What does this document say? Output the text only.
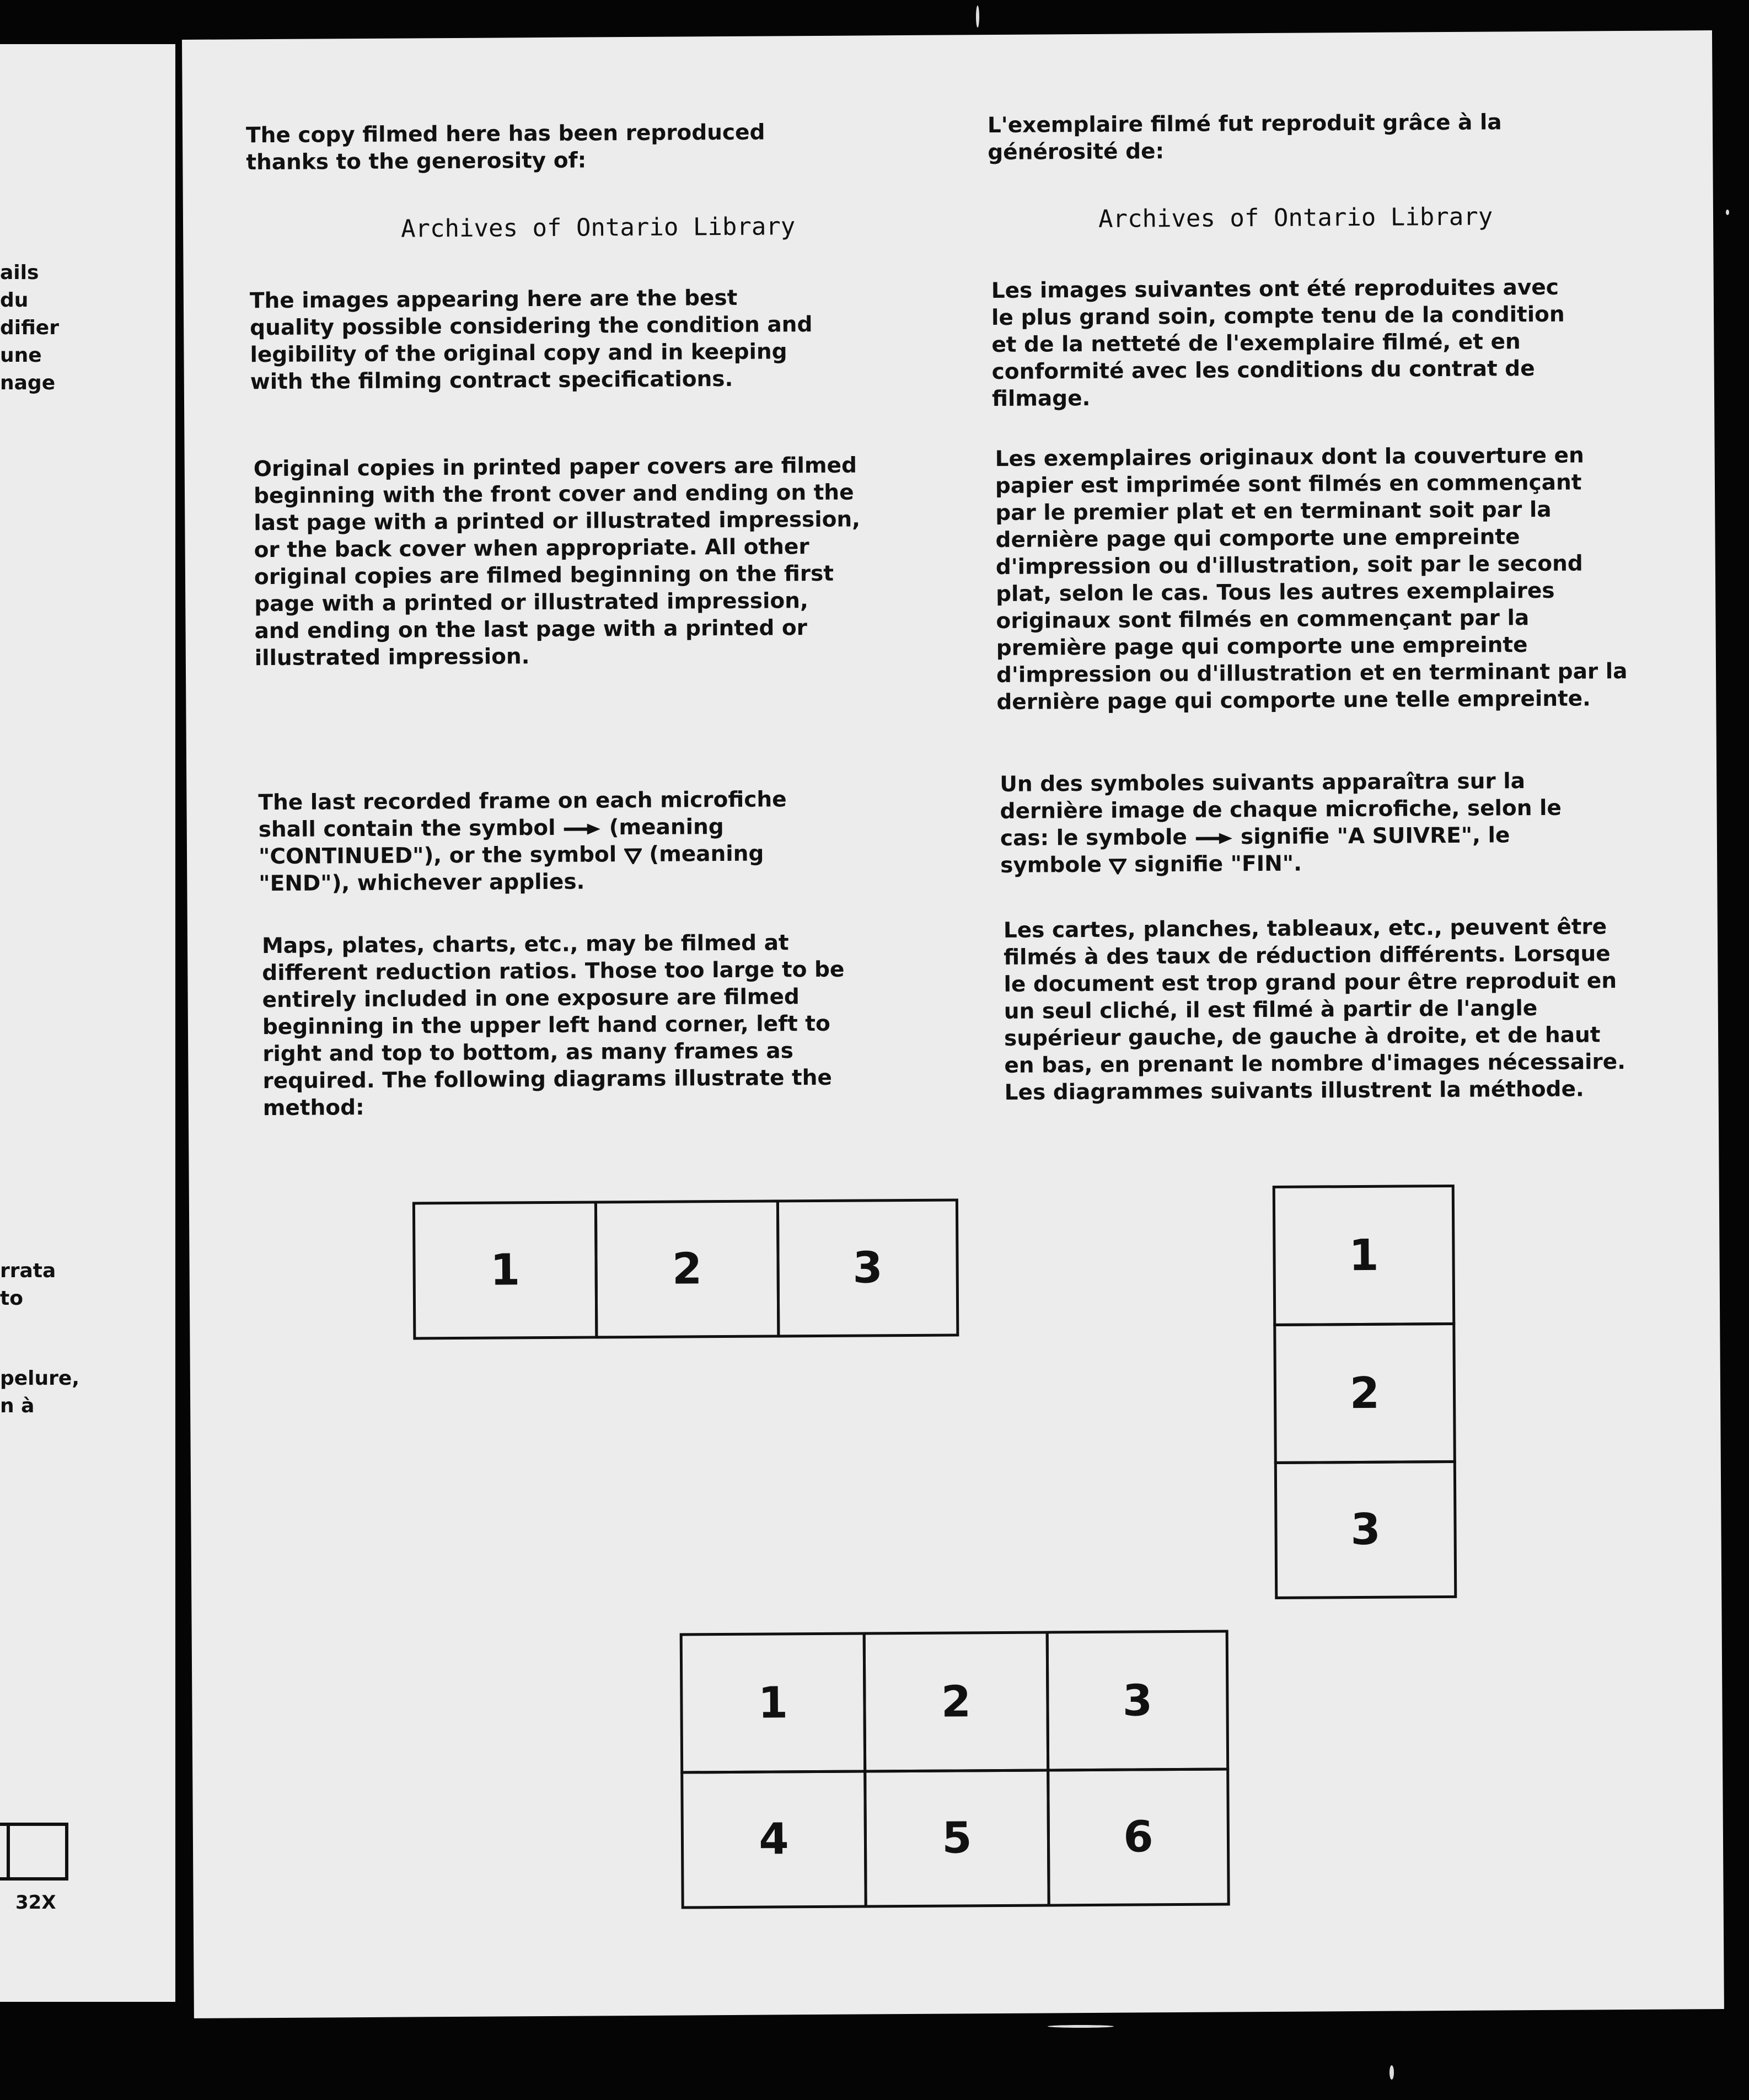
ails
du
difier
une
nage
rrata
to
pelure,
n à
32X
The copy filmed here has been reproduced thanks to the generosity of:
Archives of Ontario Library
The images appearing here are the best quality possible considering the condition and legibility of the original copy and in keeping with the filming contract specifications.
Original copies in printed paper covers are filmed beginning with the front cover and ending on the last page with a printed or illustrated impression, or the back cover when appropriate. All other original copies are filmed beginning on the first page with a printed or illustrated impression, and ending on the last page with a printed or illustrated impression.
The last recorded frame on each microfiche shall contain the symbol (meaning "CONTINUED"), or the symbol (meaning "END"), whichever applies.
Maps, plates, charts, etc., may be filmed at different reduction ratios. Those too large to be entirely included in one exposure are filmed beginning in the upper left hand corner, left to right and top to bottom, as many frames as required. The following diagrams illustrate the method:
L'exemplaire filmé fut reproduit grâce à la générosité de:
Archives of Ontario Library
Les images suivantes ont été reproduites avec le plus grand soin, compte tenu de la condition et de la netteté de l'exemplaire filmé, et en conformité avec les conditions du contrat de filmage.
Les exemplaires originaux dont la couverture en papier est imprimée sont filmés en commençant par le premier plat et en terminant soit par la dernière page qui comporte une empreinte d'impression ou d'illustration, soit par le second plat, selon le cas. Tous les autres exemplaires originaux sont filmés en commençant par la première page qui comporte une empreinte d'impression ou d'illustration et en terminant par la dernière page qui comporte une telle empreinte.
Un des symboles suivants apparaîtra sur la dernière image de chaque microfiche, selon le cas: le symbole signifie "A SUIVRE", le symbole signifie "FIN".
Les cartes, planches, tableaux, etc., peuvent être filmés à des taux de réduction différents. Lorsque le document est trop grand pour être reproduit en un seul cliché, il est filmé à partir de l'angle supérieur gauche, de gauche à droite, et de haut en bas, en prenant le nombre d'images nécessaire. Les diagrammes suivants illustrent la méthode.
1	2	3	1
2
3
1	2	3
4	5	6
